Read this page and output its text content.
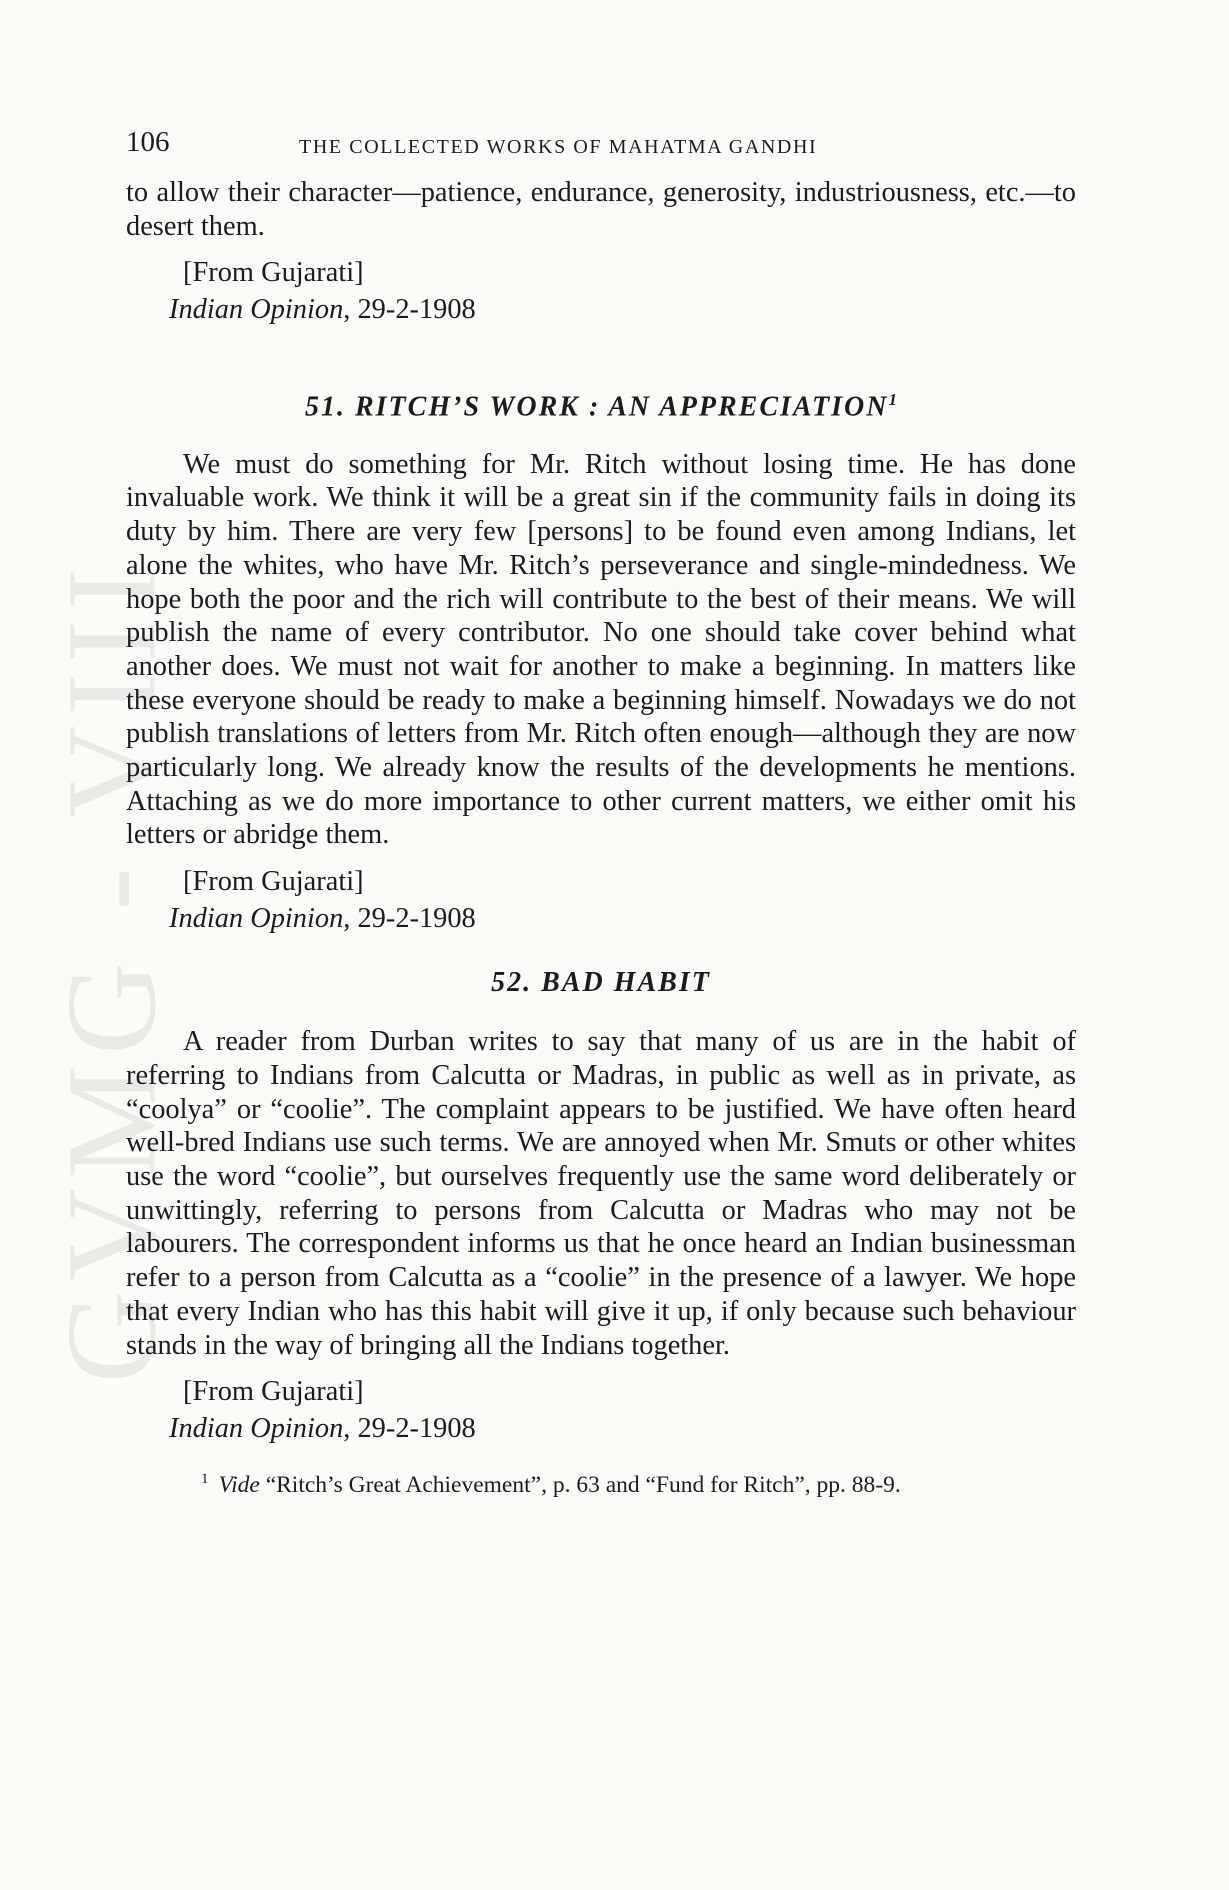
GVMG - VIII
106	THE COLLECTED WORKS OF MAHATMA GANDHI

to allow their character—patience, endurance, generosity, industriousness, etc.—to desert them.

[From Gujarati]
Indian Opinion, 29-2-1908
51. RITCH’S WORK : AN APPRECIATION$^1$

We must do something for Mr. Ritch without losing time. He has done invaluable work. We think it will be a great sin if the community fails in doing its duty by him. There are very few [persons] to be found even among Indians, let alone the whites, who have Mr. Ritch’s perseverance and single-mindedness. We hope both the poor and the rich will contribute to the best of their means. We will publish the name of every contributor. No one should take cover behind what another does. We must not wait for another to make a beginning. In matters like these everyone should be ready to make a beginning himself. Nowadays we do not publish translations of letters from Mr. Ritch often enough—although they are now particularly long. We already know the results of the developments he mentions. Attaching as we do more importance to other current matters, we either omit his letters or abridge them.

[From Gujarati]
Indian Opinion, 29-2-1908
52. BAD HABIT

A reader from Durban writes to say that many of us are in the habit of referring to Indians from Calcutta or Madras, in public as well as in private, as “coolya” or “coolie”. The complaint appears to be justified. We have often heard well-bred Indians use such terms. We are annoyed when Mr. Smuts or other whites use the word “coolie”, but ourselves frequently use the same word deliberately or unwittingly, referring to persons from Calcutta or Madras who may not be labourers. The correspondent informs us that he once heard an Indian businessman refer to a person from Calcutta as a “coolie” in the presence of a lawyer. We hope that every Indian who has this habit will give it up, if only because such behaviour stands in the way of bringing all the Indians together.

[From Gujarati]
Indian Opinion, 29-2-1908
$^1$ Vide “Ritch’s Great Achievement”, p. 63 and “Fund for Ritch”, pp. 88-9.
